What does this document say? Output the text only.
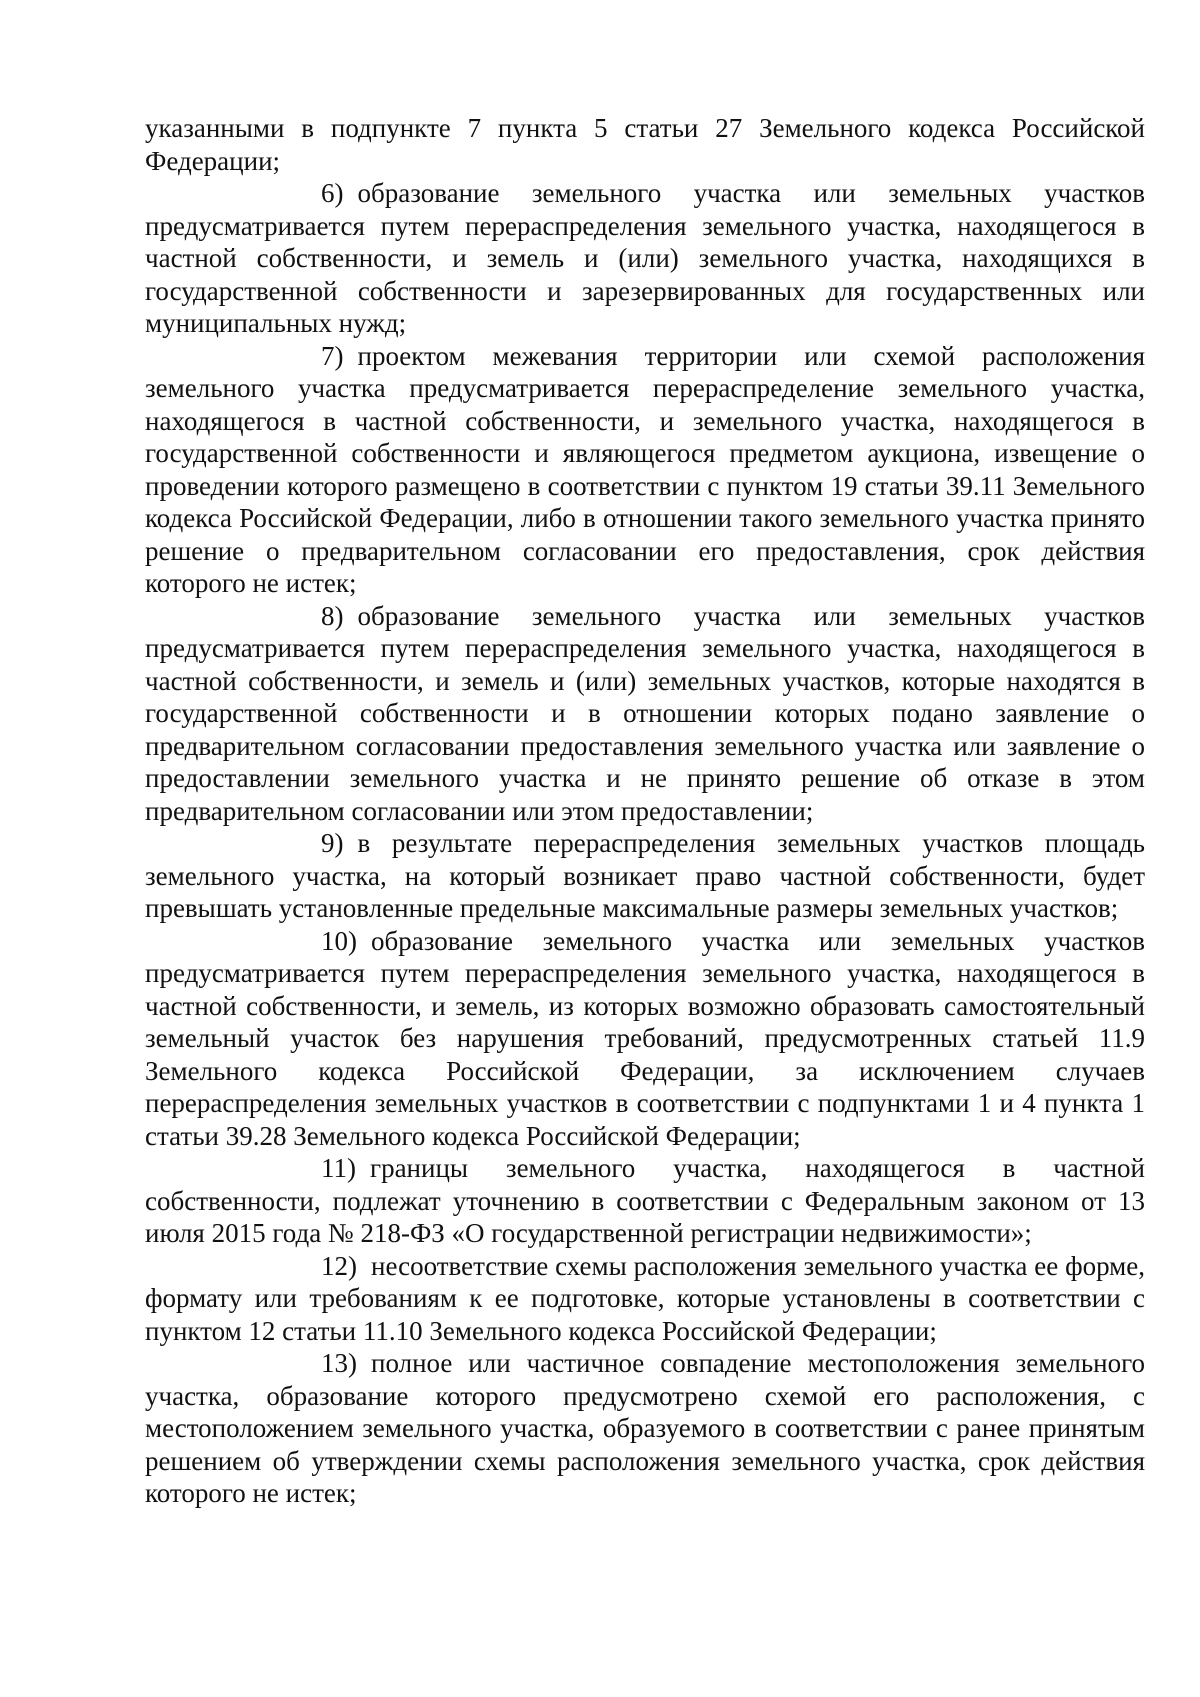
указанными в подпункте 7 пункта 5 статьи 27 Земельного кодекса Российской Федерации;

6) образование земельного участка или земельных участков предусматривается путем перераспределения земельного участка, находящегося в частной собственности, и земель и (или) земельного участка, находящихся в государственной собственности и зарезервированных для государственных или муниципальных нужд;

7) проектом межевания территории или схемой расположения земельного участка предусматривается перераспределение земельного участка, находящегося в частной собственности, и земельного участка, находящегося в государственной собственности и являющегося предметом аукциона, извещение о проведении которого размещено в соответствии с пунктом 19 статьи 39.11 Земельного кодекса Российской Федерации, либо в отношении такого земельного участка принято решение о предварительном согласовании его предоставления, срок действия которого не истек;

8) образование земельного участка или земельных участков предусматривается путем перераспределения земельного участка, находящегося в частной собственности, и земель и (или) земельных участков, которые находятся в государственной собственности и в отношении которых подано заявление о предварительном согласовании предоставления земельного участка или заявление о предоставлении земельного участка и не принято решение об отказе в этом предварительном согласовании или этом предоставлении;

9) в результате перераспределения земельных участков площадь земельного участка, на который возникает право частной собственности, будет превышать установленные предельные максимальные размеры земельных участков;

10) образование земельного участка или земельных участков предусматривается путем перераспределения земельного участка, находящегося в частной собственности, и земель, из которых возможно образовать самостоятельный земельный участок без нарушения требований, предусмотренных статьей 11.9 Земельного кодекса Российской Федерации, за исключением случаев перераспределения земельных участков в соответствии с подпунктами 1 и 4 пункта 1 статьи 39.28 Земельного кодекса Российской Федерации;

11) границы земельного участка, находящегося в частной собственности, подлежат уточнению в соответствии с Федеральным законом от 13 июля 2015 года № 218-ФЗ «О государственной регистрации недвижимости»;

12) несоответствие схемы расположения земельного участка ее форме, формату или требованиям к ее подготовке, которые установлены в соответствии с пунктом 12 статьи 11.10 Земельного кодекса Российской Федерации;

13) полное или частичное совпадение местоположения земельного участка, образование которого предусмотрено схемой его расположения, с местоположением земельного участка, образуемого в соответствии с ранее принятым решением об утверждении схемы расположения земельного участка, срок действия которого не истек;
